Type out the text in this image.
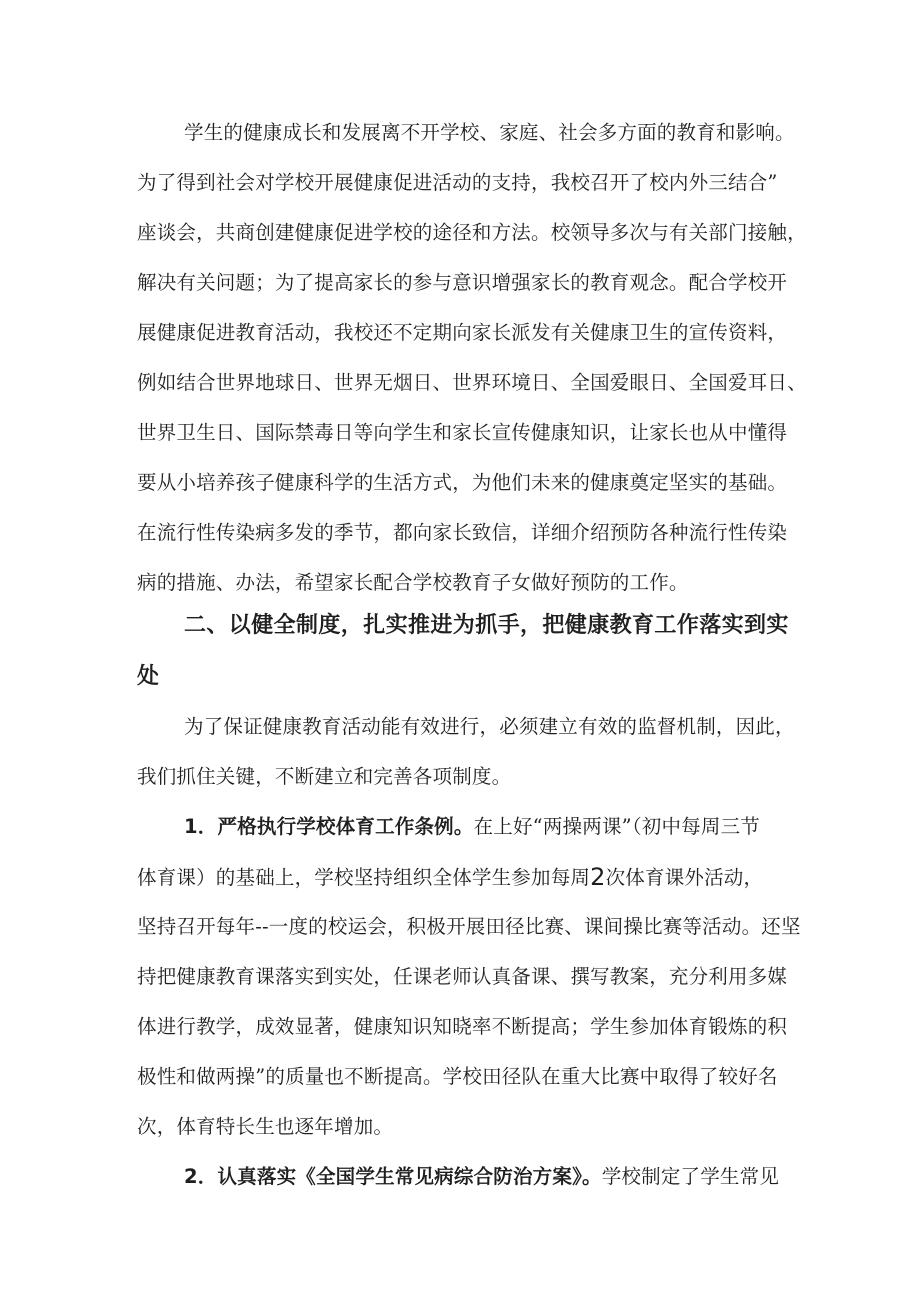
学生的健康成长和发展离不开学校、家庭、社会多方面的教育和影响。
为了得到社会对学校开展健康促进活动的支持，我校召开了校内外三结合”
座谈会，共商创建健康促进学校的途径和方法。校领导多次与有关部门接触，
解决有关问题；为了提高家长的参与意识增强家长的教育观念。配合学校开
展健康促进教育活动，我校还不定期向家长派发有关健康卫生的宣传资料，
例如结合世界地球日、世界无烟日、世界环境日、全国爱眼日、全国爱耳日、
世界卫生日、国际禁毒日等向学生和家长宣传健康知识，让家长也从中懂得
要从小培养孩子健康科学的生活方式，为他们未来的健康奠定坚实的基础。
在流行性传染病多发的季节，都向家长致信，详细介绍预防各种流行性传染
病的措施、办法，希望家长配合学校教育子女做好预防的工作。
二、以健全制度，扎实推进为抓手，把健康教育工作落实到实
处
为了保证健康教育活动能有效进行，必须建立有效的监督机制，因此，
我们抓住关键，不断建立和完善各项制度。
1．严格执行学校体育工作条例。在上好“两操两课”（初中每周三节
体育课）的基础上，学校坚持组织全体学生参加每周2次体育课外活动，
坚持召开每年--一度的校运会，积极开展田径比赛、课间操比赛等活动。还坚
持把健康教育课落实到实处，任课老师认真备课、撰写教案，充分利用多媒
体进行教学，成效显著，健康知识知晓率不断提高；学生参加体育锻炼的积
极性和做两操”的质量也不断提高。学校田径队在重大比赛中取得了较好名
次，体育特长生也逐年增加。
2．认真落实《全国学生常见病综合防治方案》。学校制定了学生常见
